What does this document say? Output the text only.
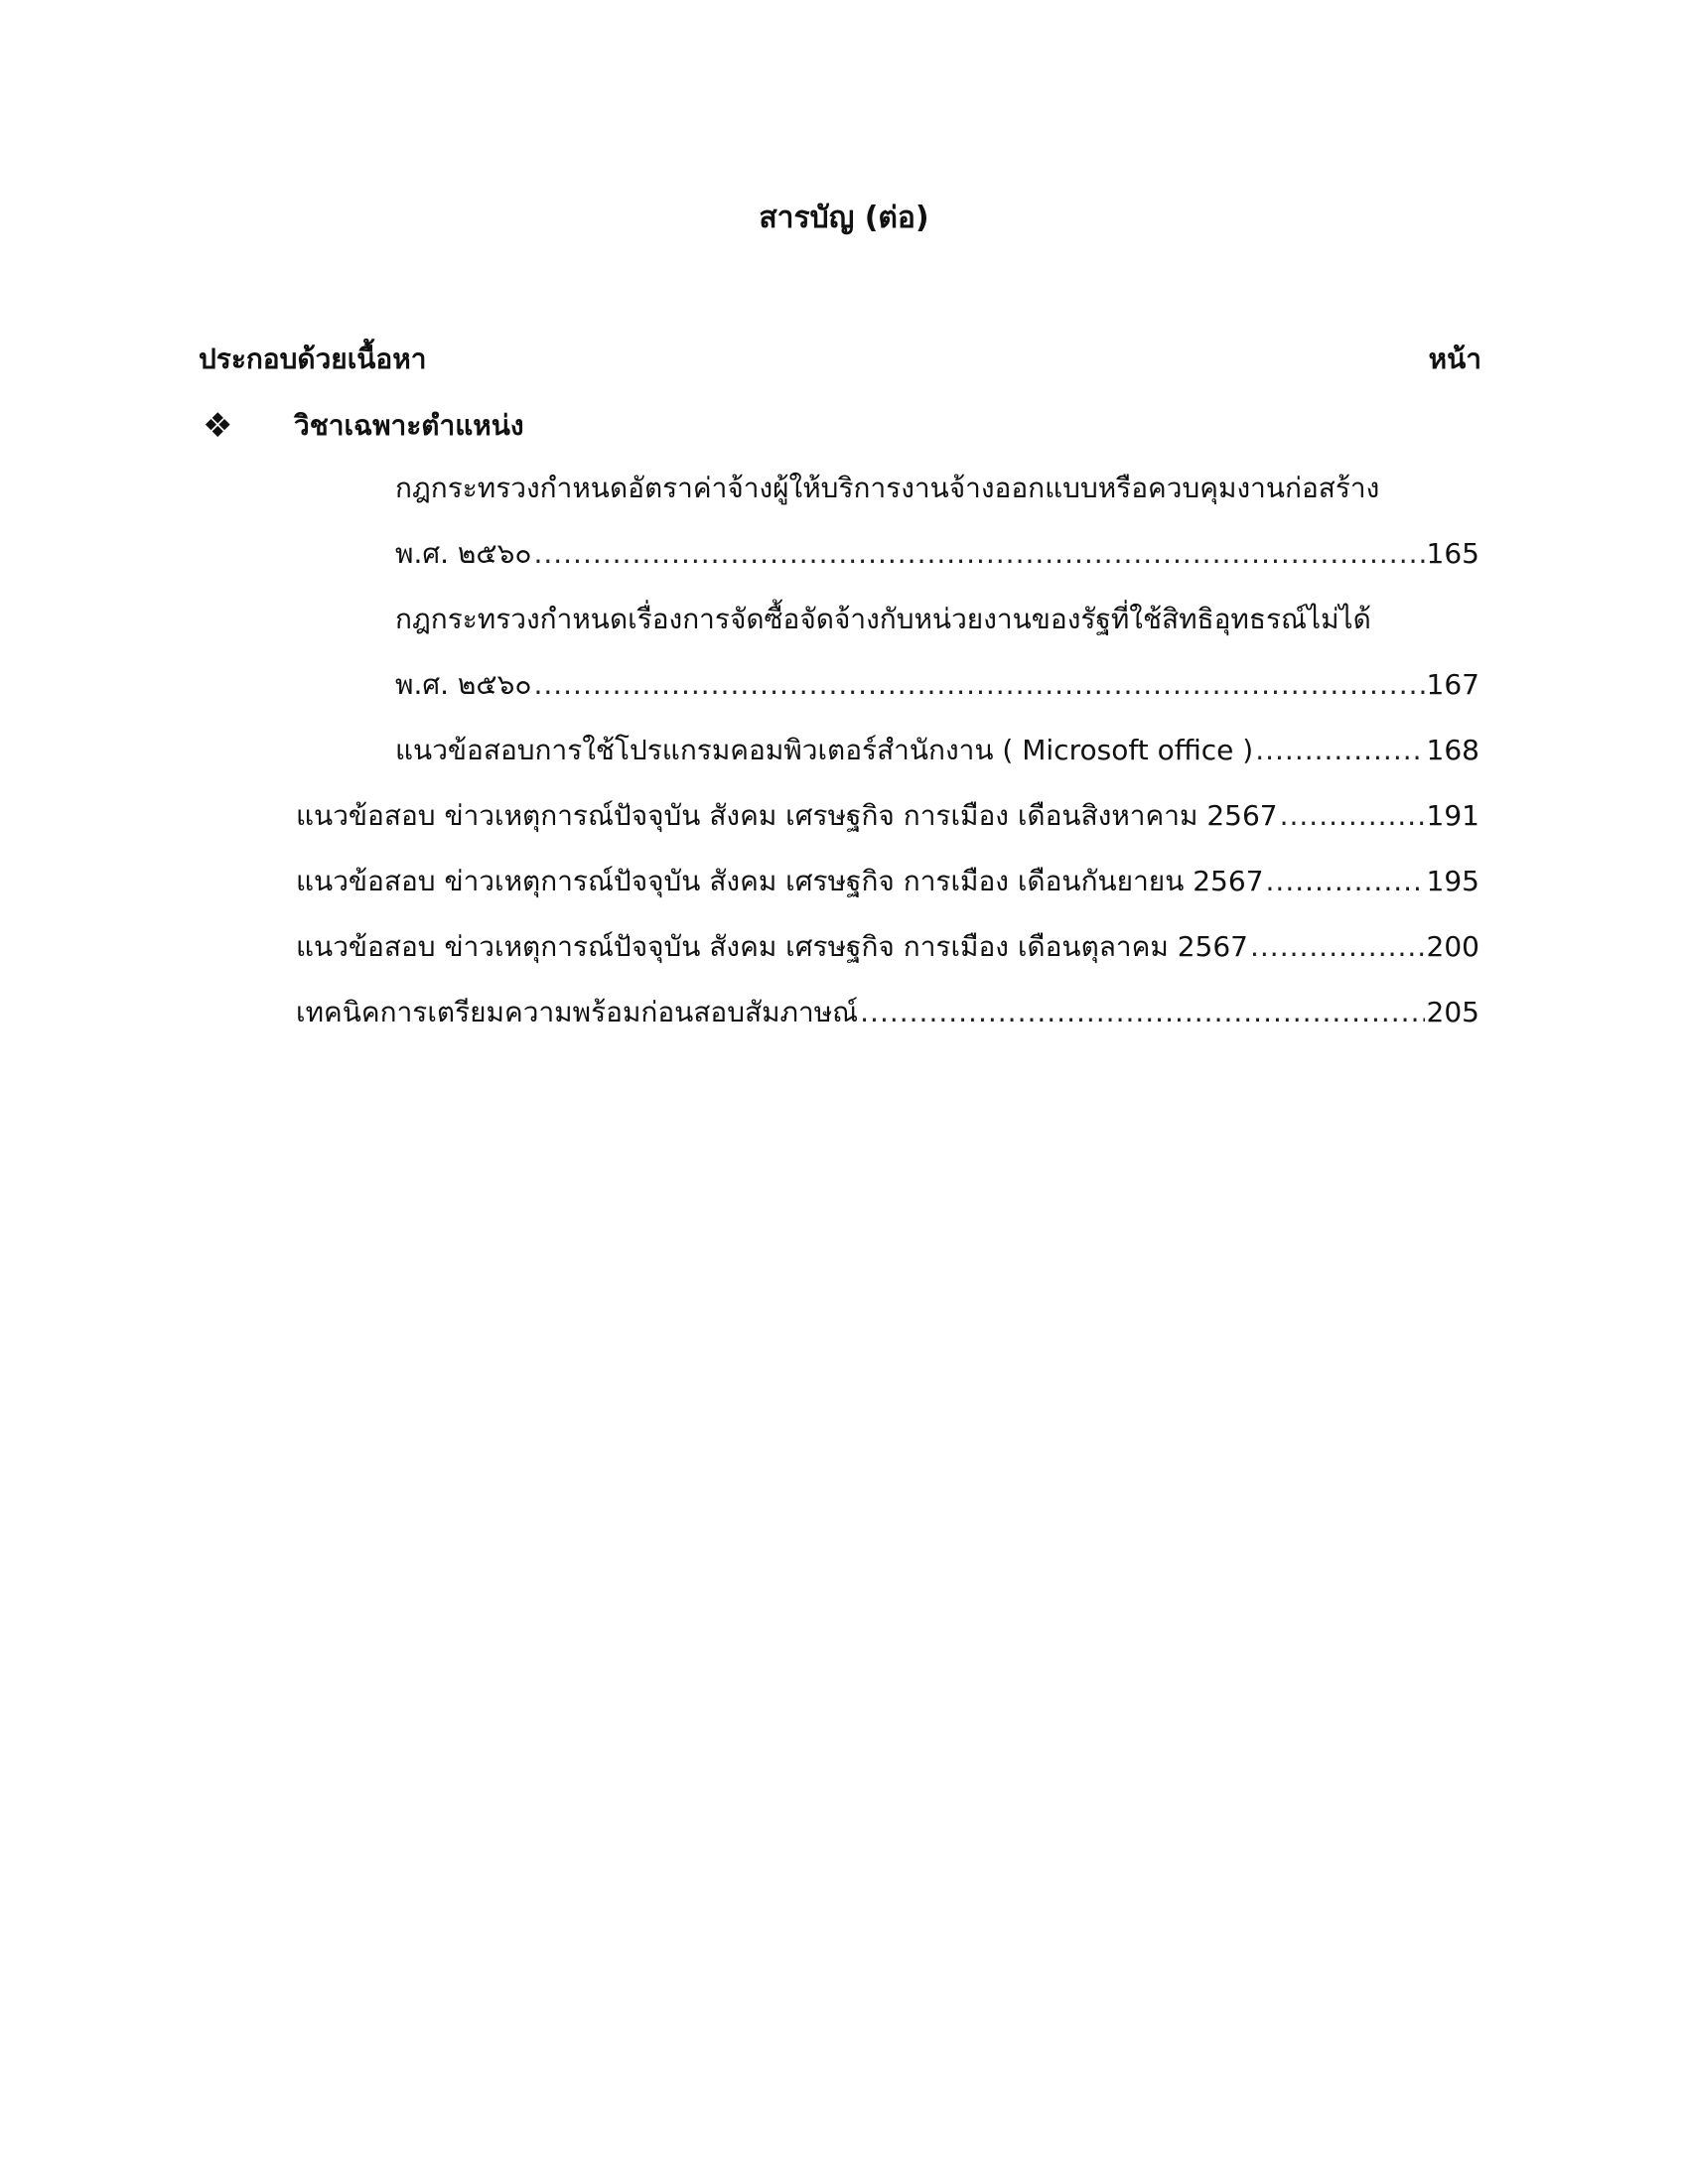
สารบัญ (ต่อ)
ประกอบด้วยเนื้อหา	หน้า
❖ วิชาเฉพาะตำแหน่ง
กฎกระทรวงกำหนดอัตราค่าจ้างผู้ให้บริการงานจ้างออกแบบหรือควบคุมงานก่อสร้าง
พ.ศ. ๒๕๖๐ .....	165
กฎกระทรวงกำหนดเรื่องการจัดซื้อจัดจ้างกับหน่วยงานของรัฐที่ใช้สิทธิอุทธรณ์ไม่ได้
พ.ศ. ๒๕๖๐ .....	167
แนวข้อสอบการใช้โปรแกรมคอมพิวเตอร์สำนักงาน ( Microsoft office ) .....	168
แนวข้อสอบ ข่าวเหตุการณ์ปัจจุบัน สังคม เศรษฐกิจ การเมือง เดือนสิงหาคาม 2567 .....	191
แนวข้อสอบ ข่าวเหตุการณ์ปัจจุบัน สังคม เศรษฐกิจ การเมือง เดือนกันยายน 2567 .....	195
แนวข้อสอบ ข่าวเหตุการณ์ปัจจุบัน สังคม เศรษฐกิจ การเมือง เดือนตุลาคม 2567 .....	200
เทคนิคการเตรียมความพร้อมก่อนสอบสัมภาษณ์ .....	205
